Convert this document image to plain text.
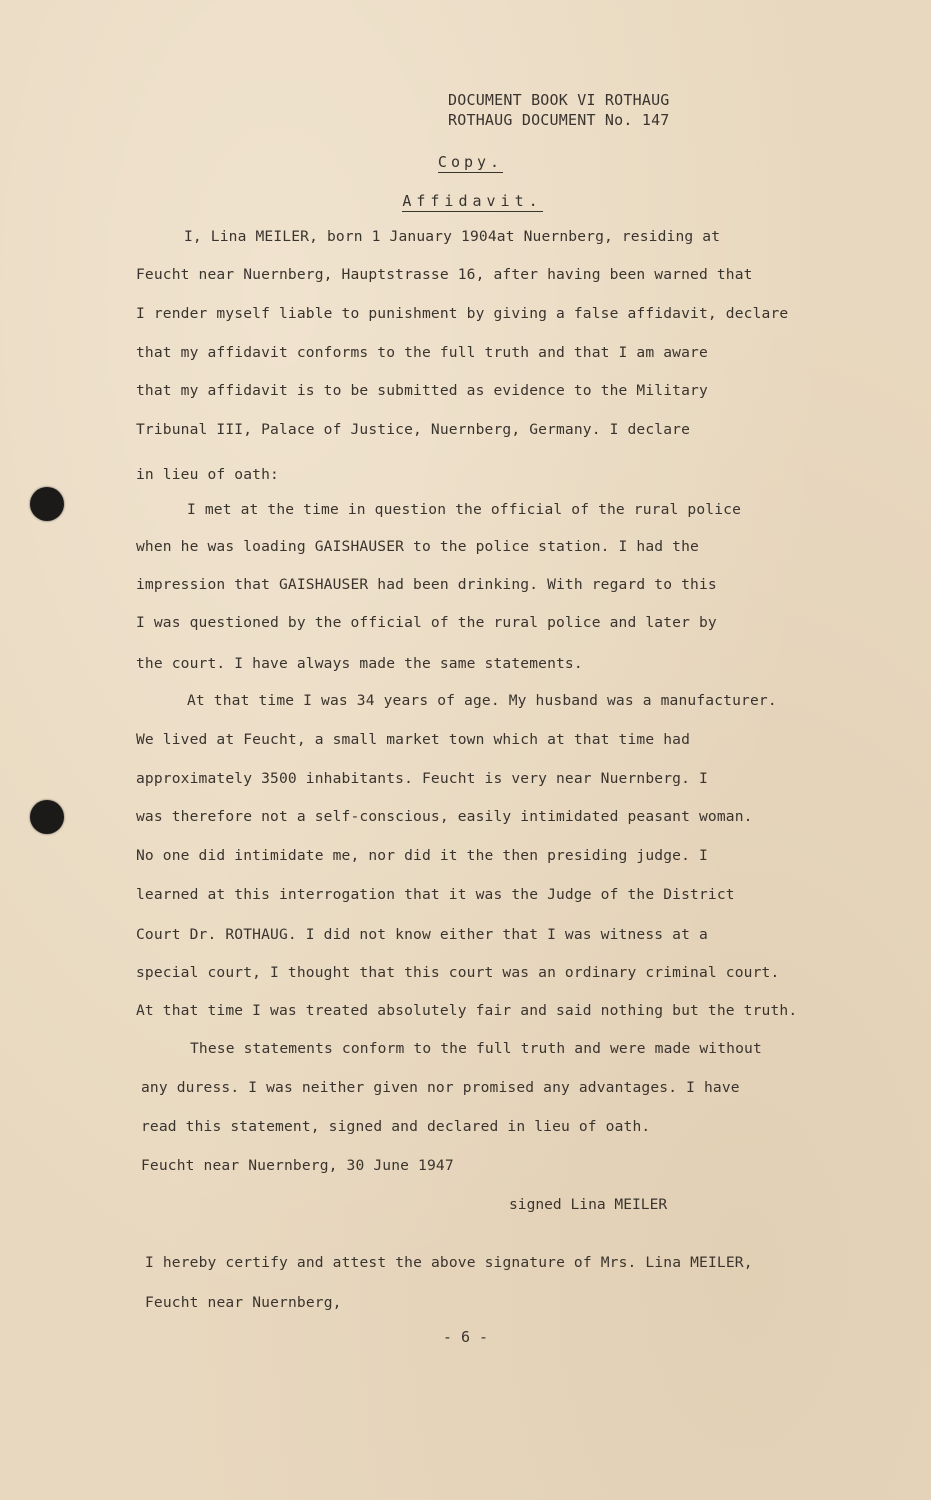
DOCUMENT BOOK VI ROTHAUG
ROTHAUG DOCUMENT No. 147
Copy.
Affidavit.
I, Lina MEILER, born 1 January 1904at Nuernberg, residing at
Feucht near Nuernberg, Hauptstrasse 16, after having been warned that
I render myself liable to punishment by giving a false affidavit, declare
that my affidavit conforms to the full truth and that I am aware
that my affidavit is to be submitted as evidence to the Military
Tribunal III, Palace of Justice, Nuernberg, Germany. I declare
in lieu of oath:
I met at the time in question the official of the rural police
when he was loading GAISHAUSER to the police station. I had the
impression that GAISHAUSER had been drinking. With regard to this
I was questioned by the official of the rural police and later by
the court. I have always made the same statements.
At that time I was 34 years of age. My husband was a manufacturer.
We lived at Feucht, a small market town which at that time had
approximately 3500 inhabitants. Feucht is very near Nuernberg. I
was therefore not a self-conscious, easily intimidated peasant woman.
No one did intimidate me, nor did it the then presiding judge. I
learned at this interrogation that it was the Judge of the District
Court Dr. ROTHAUG. I did not know either that I was witness at a
special court, I thought that this court was an ordinary criminal court.
At that time I was treated absolutely fair and said nothing but the truth.
These statements conform to the full truth and were made without
any duress. I was neither given nor promised any advantages. I have
read this statement, signed and declared in lieu of oath.
Feucht near Nuernberg, 30 June 1947
signed Lina MEILER
I hereby certify and attest the above signature of Mrs. Lina MEILER,
Feucht near Nuernberg,
- 6 -
